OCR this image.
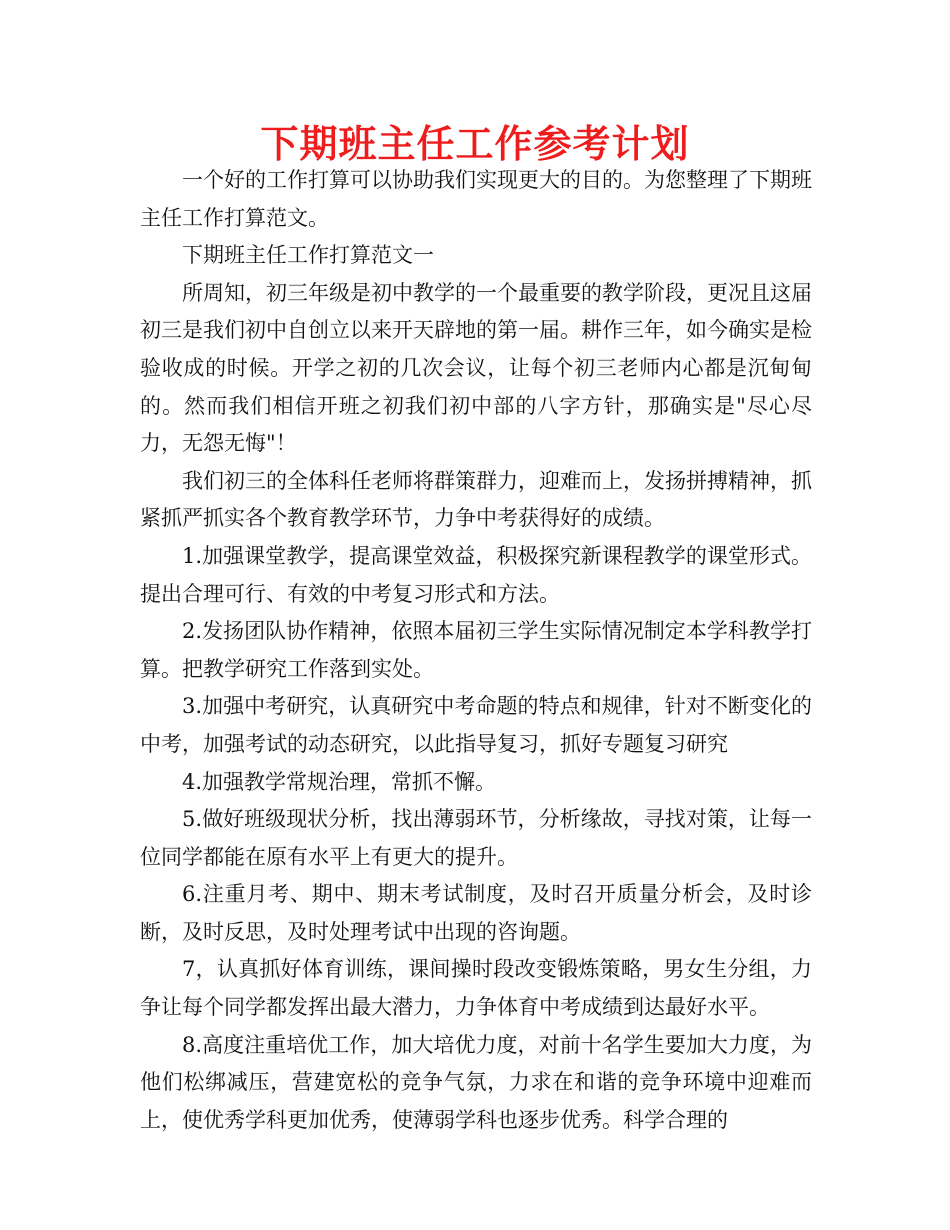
下期班主任工作参考计划

一个好的工作打算可以协助我们实现更大的目的。为您整理了下期班主任工作打算范文。

下期班主任工作打算范文一

所周知，初三年级是初中教学的一个最重要的教学阶段，更况且这届初三是我们初中自创立以来开天辟地的第一届。耕作三年，如今确实是检验收成的时候。开学之初的几次会议，让每个初三老师内心都是沉甸甸的。然而我们相信开班之初我们初中部的八字方针，那确实是"尽心尽力，无怨无悔"！

我们初三的全体科任老师将群策群力，迎难而上，发扬拼搏精神，抓紧抓严抓实各个教育教学环节，力争中考获得好的成绩。

1.加强课堂教学，提高课堂效益，积极探究新课程教学的课堂形式。提出合理可行、有效的中考复习形式和方法。

2.发扬团队协作精神，依照本届初三学生实际情况制定本学科教学打算。把教学研究工作落到实处。

3.加强中考研究，认真研究中考命题的特点和规律，针对不断变化的中考，加强考试的动态研究，以此指导复习，抓好专题复习研究

4.加强教学常规治理，常抓不懈。

5.做好班级现状分析，找出薄弱环节，分析缘故，寻找对策，让每一位同学都能在原有水平上有更大的提升。

6.注重月考、期中、期末考试制度，及时召开质量分析会，及时诊断，及时反思，及时处理考试中出现的咨询题。

7，认真抓好体育训练，课间操时段改变锻炼策略，男女生分组，力争让每个同学都发挥出最大潜力，力争体育中考成绩到达最好水平。

8.高度注重培优工作，加大培优力度，对前十名学生要加大力度，为他们松绑减压，营建宽松的竞争气氛，力求在和谐的竞争环境中迎难而上，使优秀学科更加优秀，使薄弱学科也逐步优秀。科学合理的
